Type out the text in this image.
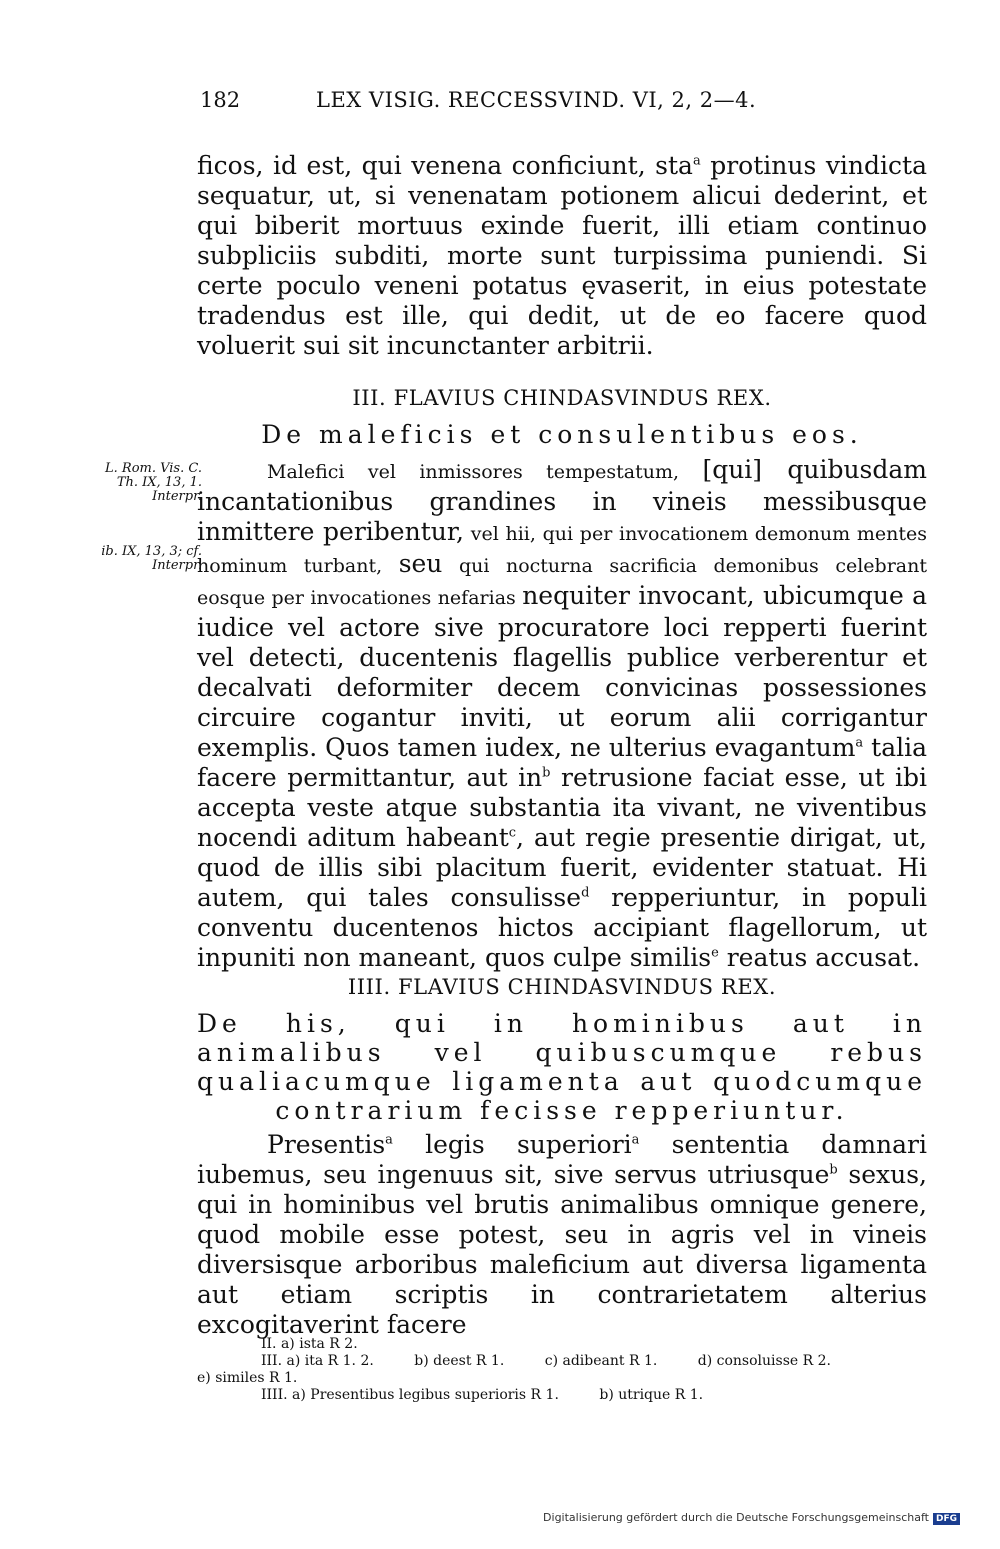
182	LEX VISIG. RECCESSVIND. VI, 2, 2—4.

ficos, id est, qui venena conficiunt, sta$^a$ protinus vindicta sequatur, ut, si venenatam potionem alicui dederint, et qui biberit mortuus exinde fuerit, illi etiam continuo subpliciis subditi, morte sunt turpissima puniendi. Si certe poculo veneni potatus ęvaserit, in eius potestate tradendus est ille, qui dedit, ut de eo facere quod voluerit sui sit incunctanter arbitrii.

III. FLAVIUS CHINDASVINDUS REX.
De maleficis et consulentibus eos.
L. Rom. Vis. C. Th. IX, 13, 1. Interpr.
ib. IX, 13, 3; cf. Interpr.

Malefici vel inmissores tempestatum, [qui] quibusdam incantationibus grandines in vineis messibusque inmittere peribentur, vel hii, qui per invocationem demonum mentes hominum turbant, seu qui nocturna sacrificia demonibus celebrant eosque per invocationes nefarias nequiter invocant, ubicumque a iudice vel actore sive procuratore loci repperti fuerint vel detecti, ducentenis flagellis publice verberentur et decalvati deformiter decem convicinas possessiones circuire cogantur inviti, ut eorum alii corrigantur exemplis. Quos tamen iudex, ne ulterius evagantum$^a$ talia facere permittantur, aut $in^b$ retrusione faciat esse, ut ibi accepta veste atque substantia ita vivant, ne viventibus nocendi aditum habeant$^c$, aut regie presentie dirigat, ut, quod de illis sibi placitum fuerit, evidenter statuat. Hi autem, qui tales consulisse$^d$ repperiuntur, in populi conventu ducentenos hictos accipiant flagellorum, ut inpuniti non maneant, quos culpe similis$^e$ reatus accusat.

IIII. FLAVIUS CHINDASVINDUS REX.
De his, qui in hominibus aut in animalibus vel quibuscumque rebus qualiacumque ligamenta aut quodcumque contrarium fecisse repperiuntur.

Presentis$^a$ legis superiori$^a$ sententia damnari iubemus, seu ingenuus sit, sive servus utriusque$^b$ sexus, qui in hominibus vel brutis animalibus omnique genere, quod mobile esse potest, seu in agris vel in vineis diversisque arboribus maleficium aut diversa ligamenta aut etiam scriptis in contrarietatem alterius excogitaverint facere

II. a) ista R 2.
III. a) ita R 1. 2.	b) deest R 1.	c) adibeant R 1.	d) consoluisse R 2.
e) similes R 1.
IIII. a) Presentibus legibus superioris R 1.	b) utrique R 1.
Digitalisierung gefördert durch die Deutsche Forschungsgemeinschaft DFG
